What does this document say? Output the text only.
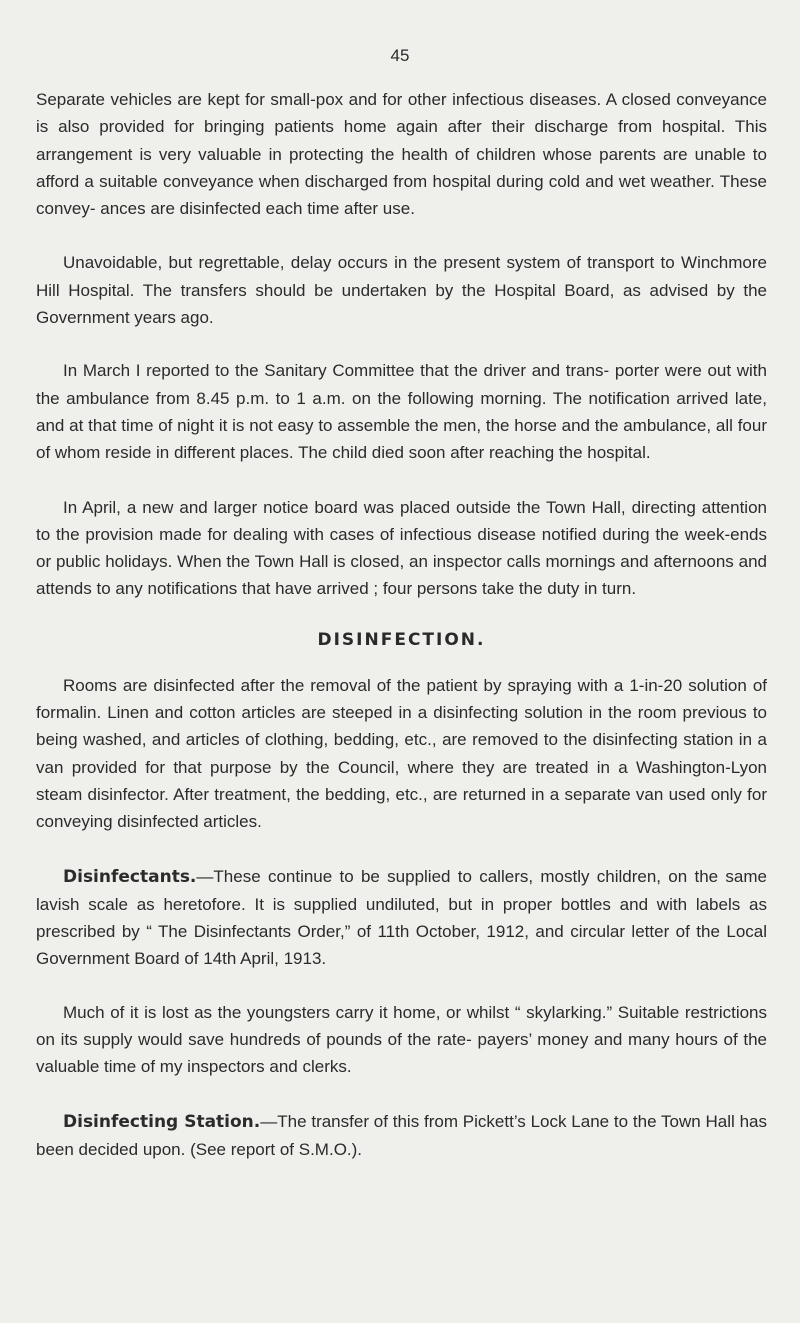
45

Separate vehicles are kept for small-pox and for other infectious diseases. A closed conveyance is also provided for bringing patients home again after their discharge from hospital. This arrangement is very valuable in protecting the health of children whose parents are unable to afford a suitable conveyance when discharged from hospital during cold and wet weather. These convey- ances are disinfected each time after use.

Unavoidable, but regrettable, delay occurs in the present system of transport to Winchmore Hill Hospital. The transfers should be undertaken by the Hospital Board, as advised by the Government years ago.

In March I reported to the Sanitary Committee that the driver and trans- porter were out with the ambulance from 8.45 p.m. to 1 a.m. on the following morning. The notification arrived late, and at that time of night it is not easy to assemble the men, the horse and the ambulance, all four of whom reside in different places. The child died soon after reaching the hospital.

In April, a new and larger notice board was placed outside the Town Hall, directing attention to the provision made for dealing with cases of infectious disease notified during the week-ends or public holidays. When the Town Hall is closed, an inspector calls mornings and afternoons and attends to any notifications that have arrived ; four persons take the duty in turn.

DISINFECTION.

Rooms are disinfected after the removal of the patient by spraying with a 1-in-20 solution of formalin. Linen and cotton articles are steeped in a disinfecting solution in the room previous to being washed, and articles of clothing, bedding, etc., are removed to the disinfecting station in a van provided for that purpose by the Council, where they are treated in a Washington-Lyon steam disinfector. After treatment, the bedding, etc., are returned in a separate van used only for conveying disinfected articles.

Disinfectants.—These continue to be supplied to callers, mostly children, on the same lavish scale as heretofore. It is supplied undiluted, but in proper bottles and with labels as prescribed by “ The Disinfectants Order,” of 11th October, 1912, and circular letter of the Local Government Board of 14th April, 1913.

Much of it is lost as the youngsters carry it home, or whilst “ skylarking.” Suitable restrictions on its supply would save hundreds of pounds of the rate- payers’ money and many hours of the valuable time of my inspectors and clerks.

Disinfecting Station.—The transfer of this from Pickett’s Lock Lane to the Town Hall has been decided upon. (See report of S.M.O.).
